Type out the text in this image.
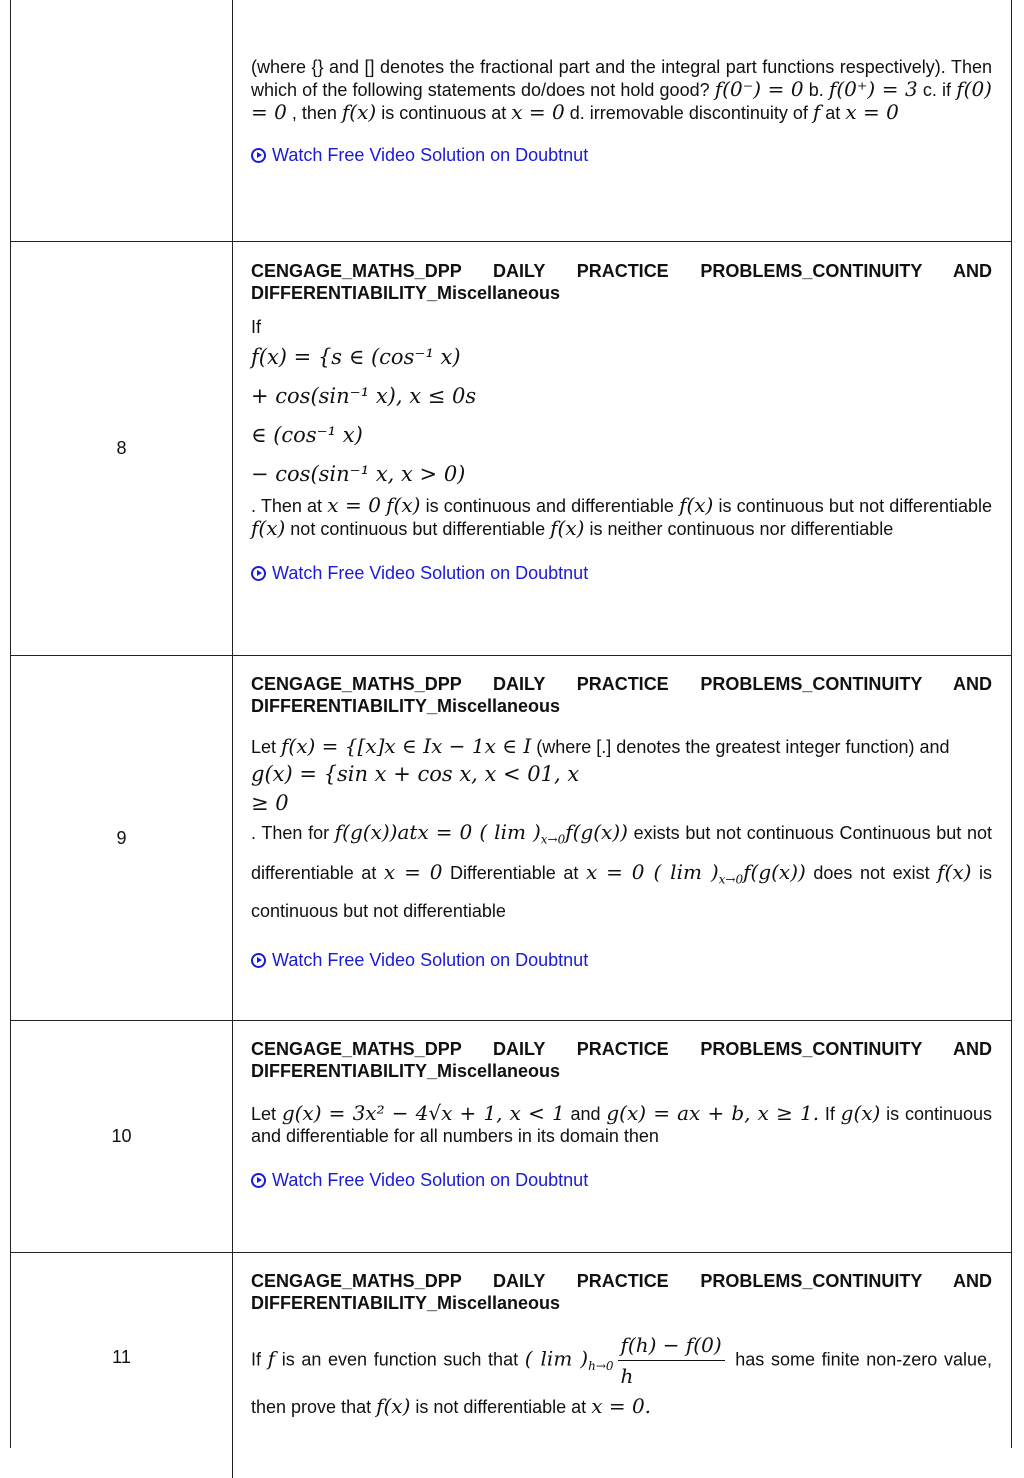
(where {} and [] denotes the fractional part and the integral part functions respectively). Then which of the following statements do/does not hold good? f(0⁻) = 0 b. f(0⁺) = 3 c. if f(0) = 0 , then f(x) is continuous at x = 0 d. irremovable discontinuity of f at x = 0
Watch Free Video Solution on Doubtnut
8
CENGAGE_MATHS_DPP DAILY PRACTICE PROBLEMS_CONTINUITY AND DIFFERENTIABILITY_Miscellaneous
If
f(x) = {s ∈ (cos⁻¹ x)
+ cos(sin⁻¹ x), x ≤ 0s
∈ (cos⁻¹ x)
− cos(sin⁻¹ x, x > 0)
. Then at x = 0 f(x) is continuous and differentiable f(x) is continuous but not differentiable f(x) not continuous but differentiable f(x) is neither continuous nor differentiable
Watch Free Video Solution on Doubtnut
9
CENGAGE_MATHS_DPP DAILY PRACTICE PROBLEMS_CONTINUITY AND DIFFERENTIABILITY_Miscellaneous
Let f(x) = {[x]x ∈ Ix − 1x ∈ I (where [.] denotes the greatest integer function) and
g(x) = {sin x + cos x, x < 01, x
≥ 0
. Then for f(g(x))atx = 0 ( $\lim )_{x\to 0}f(g(x))$ exists but not continuous Continuous but not differentiable at x = 0 Differentiable at x = 0 ( $\lim )_{x\to 0}f(g(x))$ does not exist f(x) is continuous but not differentiable
Watch Free Video Solution on Doubtnut
10
CENGAGE_MATHS_DPP DAILY PRACTICE PROBLEMS_CONTINUITY AND DIFFERENTIABILITY_Miscellaneous
Let g(x) = 3x² − 4√x + 1, x < 1 and g(x) = ax + b, x ≥ 1. If g(x) is continuous and differentiable for all numbers in its domain then
Watch Free Video Solution on Doubtnut
11
CENGAGE_MATHS_DPP DAILY PRACTICE PROBLEMS_CONTINUITY AND DIFFERENTIABILITY_Miscellaneous
If f is an even function such that ( $\lim )_{h\to 0} \frac{f(h) - f(0)}{h}$ has some finite non-zero value, then prove that f(x) is not differentiable at x = 0.
